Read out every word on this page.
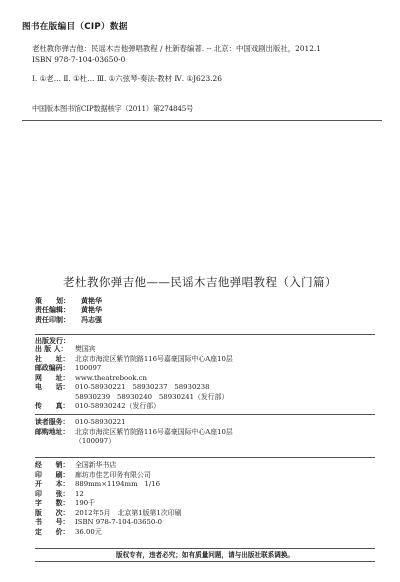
图书在版编目（CIP）数据
老杜教你弹吉他：民谣木吉他弹唱教程 / 杜新春编著. -- 北京：中国戏剧出版社，2012.1
ISBN 978-7-104-03650-0
Ⅰ. ①老… Ⅱ. ①杜… Ⅲ. ①六弦琴-奏法-教材 Ⅳ. ①J623.26
中国版本图书馆CIP数据核字（2011）第274845号
老杜教你弹吉他——民谣木吉他弹唱教程（入门篇）
策　　划：	黄艳华
责任编辑：	黄艳华
责任印制：	冯志强
出版发行：
出 版 人：	樊国宾
社　　址： 北京市海淀区紫竹院路116号嘉豪国际中心A座10层
邮政编码： 100097
网　　址： www.theatrebook.cn
电　　话： 010-58930221　58930237　58930238
58930239　58930240　58930241（发行部）
传　　真： 010-58930242（发行部）
读者服务： 010-58930221
邮购地址： 北京市海淀区紫竹院路116号嘉豪国际中心A座10层
（100097）
经　　销： 全国新华书店
印　　刷： 廊坊市佳艺印务有限公司
开　　本： 889mm×1194mm　1/16
印　　张： 12
字　　数： 190千
版　　次： 2012年5月　北京第1版第1次印刷
书　　号： ISBN 978-7-104-03650-0
定　　价： 36.00元
版权专有，违者必究；如有质量问题，请与出版社联系调换。
